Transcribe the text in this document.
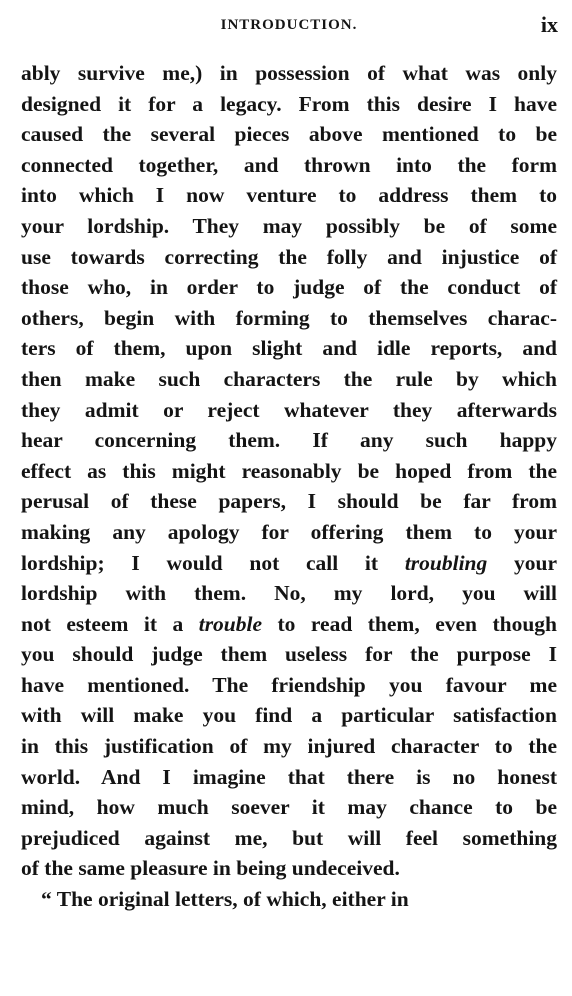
INTRODUCTION.	ix
ably survive me,) in possession of what was only
designed it for a legacy. From this desire I have
caused the several pieces above mentioned to be
connected together, and thrown into the form
into which I now venture to address them to
your lordship. They may possibly be of some
use towards correcting the folly and injustice of
those who, in order to judge of the conduct of
others, begin with forming to themselves charac-
ters of them, upon slight and idle reports, and
then make such characters the rule by which
they admit or reject whatever they afterwards
hear concerning them. If any such happy
effect as this might reasonably be hoped from the
perusal of these papers, I should be far from
making any apology for offering them to your
lordship; I would not call it troubling your
lordship with them. No, my lord, you will
not esteem it a trouble to read them, even though
you should judge them useless for the purpose I
have mentioned. The friendship you favour me
with will make you find a particular satisfaction
in this justification of my injured character to the
world. And I imagine that there is no honest
mind, how much soever it may chance to be
prejudiced against me, but will feel something
of the same pleasure in being undeceived.
“ The original letters, of which, either in
